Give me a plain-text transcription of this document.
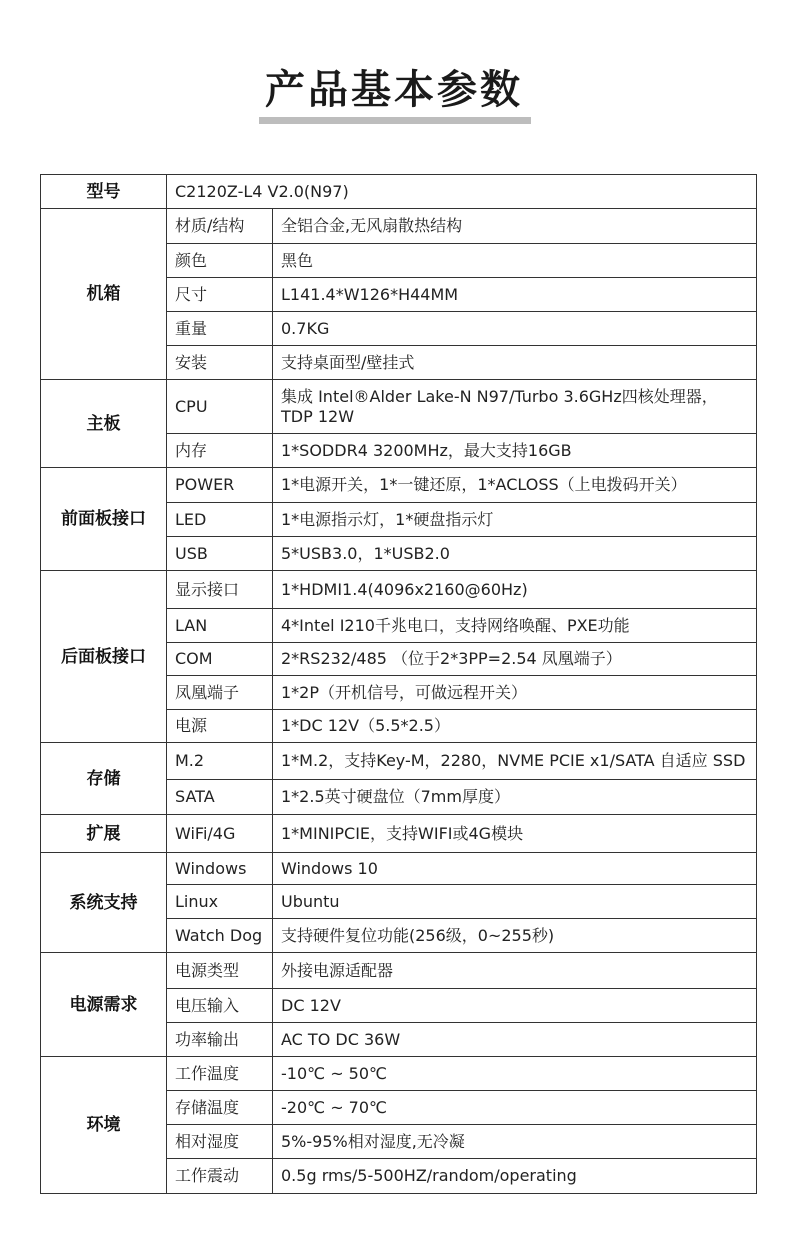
产品基本参数
型号	C2120Z-L4 V2.0(N97)	
机箱	材质/结构	全铝合金,无风扇散热结构
	颜色	黑色
	尺寸	L141.4*W126*H44MM
	重量	0.7KG
	安装	支持桌面型/壁挂式
主板	CPU	集成 Intel®Alder Lake-N N97/Turbo 3.6GHz四核处理器，TDP 12W
	内存	1*SODDR4 3200MHz，最大支持16GB
前面板接口	POWER	1*电源开关，1*一键还原，1*ACLOSS（上电拨码开关）
	LED	1*电源指示灯，1*硬盘指示灯
	USB	5*USB3.0，1*USB2.0
后面板接口	显示接口	1*HDMI1.4(4096x2160@60Hz)
	LAN	4*Intel I210千兆电口，支持网络唤醒、PXE功能
	COM	2*RS232/485 （位于2*3PP=2.54 凤凰端子）
	凤凰端子	1*2P（开机信号，可做远程开关）
	电源	1*DC 12V（5.5*2.5）
存储	M.2	1*M.2，支持Key-M，2280，NVME PCIE x1/SATA 自适应 SSD
	SATA	1*2.5英寸硬盘位（7mm厚度）
扩展	WiFi/4G	1*MINIPCIE，支持WIFI或4G模块
系统支持	Windows	Windows 10
	Linux	Ubuntu
	Watch Dog	支持硬件复位功能(256级，0~255秒)
电源需求	电源类型	外接电源适配器
	电压输入	DC 12V
	功率输出	AC TO DC 36W
环境	工作温度	-10℃ ~ 50℃
	存储温度	-20℃ ~ 70℃
	相对湿度	5%-95%相对湿度,无冷凝
	工作震动	0.5g rms/5-500HZ/random/operating
